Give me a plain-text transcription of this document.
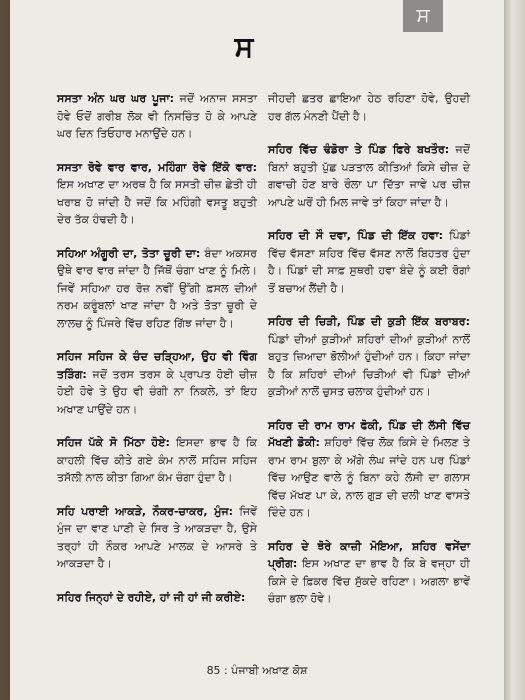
ਸ
ਸ

ਸਸਤਾ ਅੰਨ ਘਰ ਘਰ ਪੂਜਾ: ਜਦੋਂ ਅਨਾਜ ਸਸਤਾ ਹੋਵੇ ਓਦੋਂ ਗਰੀਬ ਲੋਕ ਵੀ ਨਿਸਚਿੰਤ ਹੋ ਕੇ ਆਪਣੇ ਘਰ ਦਿਨ ਤਿਓਹਾਰ ਮਨਾਉਂਦੇ ਹਨ।

ਸਸਤਾ ਰੋਵੇ ਵਾਰ ਵਾਰ, ਮਹਿੰਗਾ ਰੋਵੇ ਇੱਕੋ ਵਾਰ: ਇਸ ਅਖਾਣ ਦਾ ਅਰਥ ਹੈ ਕਿ ਸਸਤੀ ਚੀਜ਼ ਛੇਤੀ ਹੀ ਖਰਾਬ ਹੋ ਜਾਂਦੀ ਹੈ ਜਦੋਂ ਕਿ ਮਹਿੰਗੀ ਵਸਤੂ ਬਹੁਤੀ ਦੇਰ ਤੱਕ ਹੰਢਦੀ ਹੈ।

ਸਹਿਆ ਅੰਗੂਰੀ ਦਾ, ਤੋਤਾ ਚੂਰੀ ਦਾ: ਬੰਦਾ ਅਕਸਰ ਉਥੇ ਵਾਰ ਵਾਰ ਜਾਂਦਾ ਹੈ ਜਿੱਥੋਂ ਚੰਗਾ ਖਾਣ ਨੂੰ ਮਿਲੇ। ਜਿਵੇਂ ਸਹਿਆ ਹਰ ਰੋਜ਼ ਨਵੀਂ ਉੱਗੀ ਫ਼ਸਲ ਦੀਆਂ ਨਰਮ ਕਰੂੰਬਲਾਂ ਖਾਣ ਜਾਂਦਾ ਹੈ ਅਤੇ ਤੋਤਾ ਚੂਰੀ ਦੇ ਲਾਲਚ ਨੂੰ ਪਿੰਜਰੇ ਵਿੱਚ ਰਹਿਣ ਗਿੱਝ ਜਾਂਦਾ ਹੈ।

ਸਹਿਜ ਸਹਿਜ ਕੇ ਚੰਦ ਚੜ੍ਹਿਆ, ਉਹ ਵੀ ਵਿੰਗ ਤੜਿੰਗ: ਜਦੋਂ ਤਰਸ ਤਰਸ ਕੇ ਪ੍ਰਾਪਤ ਹੋਈ ਚੀਜ਼ ਹੋਈ ਹੋਵੇ ਤੇ ਉਹ ਵੀ ਚੰਗੀ ਨਾ ਨਿਕਲੇ, ਤਾਂ ਇਹ ਅਖਾਣ ਪਾਉਂਦੇ ਹਨ।

ਸਹਿਜ ਪੱਕੇ ਸੋ ਮਿੱਠਾ ਹੋਏ: ਇਸਦਾ ਭਾਵ ਹੈ ਕਿ ਕਾਹਲੀ ਵਿੱਚ ਕੀਤੇ ਗਏ ਕੰਮ ਨਾਲੋਂ ਸਹਿਜ ਸਹਿਜ ਤਸੱਲੀ ਨਾਲ ਕੀਤਾ ਗਿਆ ਕੰਮ ਚੰਗਾ ਹੁੰਦਾ ਹੈ।

ਸਹਿ ਪਰਾਈ ਆਕੜੇ, ਨੌਕਰ-ਚਾਕਰ, ਮੁੰਜ: ਜਿਵੇਂ ਮੁੰਜ ਦਾ ਵਾਣ ਪਾਣੀ ਦੇ ਸਿਰ ਤੇ ਆਕੜਦਾ ਹੈ, ਉਸੇ ਤਰ੍ਹਾਂ ਹੀ ਨੌਕਰ ਆਪਣੇ ਮਾਲਕ ਦੇ ਆਸਰੇ ਤੇ ਆਕੜਦਾ ਹੈ।

ਸਹਿਰ ਜਿਨ੍ਹਾਂ ਦੇ ਰਹੀਏ, ਹਾਂ ਜੀ ਹਾਂ ਜੀ ਕਰੀਏ:

ਜੀਹਦੀ ਛਤਰ ਛਾਇਆ ਹੇਠ ਰਹਿਣਾ ਹੋਵੇ, ਉਹਦੀ ਹਰ ਗੱਲ ਮੰਨਣੀ ਪੈਂਦੀ ਹੈ।

ਸਹਿਰ ਵਿੱਚ ਢੰਡੋਰਾ ਤੇ ਪਿੰਡ ਫਿਰੇ ਬਖਤੌਰ: ਜਦੋਂ ਬਿਨਾਂ ਬਹੁਤੀ ਪੁੱਛ ਪੜਤਾਲ ਕੀਤਿਆਂ ਕਿਸੇ ਚੀਜ਼ ਦੇ ਗਵਾਚੀ ਹੋਣ ਬਾਰੇ ਰੌਲਾ ਪਾ ਦਿੱਤਾ ਜਾਵੇ ਪਰ ਚੀਜ਼ ਆਪਣੇ ਘਰੋਂ ਹੀ ਮਿਲ ਜਾਵੇ ਤਾਂ ਕਿਹਾ ਜਾਂਦਾ ਹੈ।

ਸਹਿਰ ਦੀ ਸੌ ਦਵਾ, ਪਿੰਡ ਦੀ ਇੱਕ ਹਵਾ: ਪਿੰਡਾਂ ਵਿੱਚ ਵੱਸਣਾ ਸ਼ਹਿਰ ਵਿੱਚ ਵੱਸਣ ਨਾਲੋਂ ਬਿਹਤਰ ਹੁੰਦਾ ਹੈ। ਪਿੰਡਾਂ ਦੀ ਸਾਫ਼ ਸੁਥਰੀ ਹਵਾ ਬੰਦੇ ਨੂੰ ਕਈ ਰੋਗਾਂ ਤੋਂ ਬਚਾਅ ਲੈਂਦੀ ਹੈ।

ਸਹਿਰ ਦੀ ਚਿੜੀ, ਪਿੰਡ ਦੀ ਕੁੜੀ ਇੱਕ ਬਰਾਬਰ: ਪਿੰਡਾਂ ਦੀਆਂ ਕੁੜੀਆਂ ਸ਼ਹਿਰਾਂ ਦੀਆਂ ਕੁੜੀਆਂ ਨਾਲੋਂ ਬਹੁਤ ਜ਼ਿਆਦਾ ਭੋਲੀਆਂ ਹੁੰਦੀਆਂ ਹਨ। ਕਿਹਾ ਜਾਂਦਾ ਹੈ ਕਿ ਸ਼ਹਿਰਾਂ ਦੀਆਂ ਚਿੜੀਆਂ ਵੀ ਪਿੰਡਾਂ ਦੀਆਂ ਕੁੜੀਆਂ ਨਾਲੋਂ ਚੁਸਤ ਚਲਾਕ ਹੁੰਦੀਆਂ ਹਨ।

ਸਹਿਰ ਦੀ ਰਾਮ ਰਾਮ ਫੋਕੀ, ਪਿੰਡ ਦੀ ਲੱਸੀ ਵਿੱਚ ਮੱਖਣੀ ਡੋਕੀ: ਸ਼ਹਿਰਾਂ ਵਿੱਚ ਲੋਕ ਕਿਸੇ ਦੇ ਮਿਲਣ ਤੇ ਰਾਮ ਰਾਮ ਬੁਲਾ ਕੇ ਅੱਗੇ ਲੰਘ ਜਾਂਦੇ ਹਨ ਪਰ ਪਿੰਡਾਂ ਵਿੱਚ ਆਉਣ ਵਾਲੇ ਨੂੰ ਬਿਨਾ ਕਹੇ ਲੱਸੀ ਦਾ ਗਲਾਸ ਵਿੱਚ ਮੱਖਣ ਪਾ ਕੇ, ਨਾਲ ਗੁੜ ਦੀ ਦਲੀ ਖਾਣ ਵਾਸਤੇ ਦਿੰਦੇ ਹਨ।

ਸਹਿਰ ਦੇ ਝੋਰੇ ਕਾਜ਼ੀ ਮੋਇਆ, ਸ਼ਹਿਰ ਵਸੇਂਦਾ ਪ੍ਰੀਗ: ਇਸ ਅਖਾਣ ਦਾ ਭਾਵ ਹੈ ਕਿ ਬੇ ਵਜ੍ਹਾ ਹੀ ਕਿਸੇ ਦੇ ਫ਼ਿਕਰ ਵਿੱਚ ਸੁੱਕਦੇ ਰਹਿਣਾ। ਅਗਲਾ ਭਾਵੇਂ ਚੰਗਾ ਭਲਾ ਹੋਵੇ।

85 : ਪੰਜਾਬੀ ਅਖਾਣ ਕੋਸ਼
